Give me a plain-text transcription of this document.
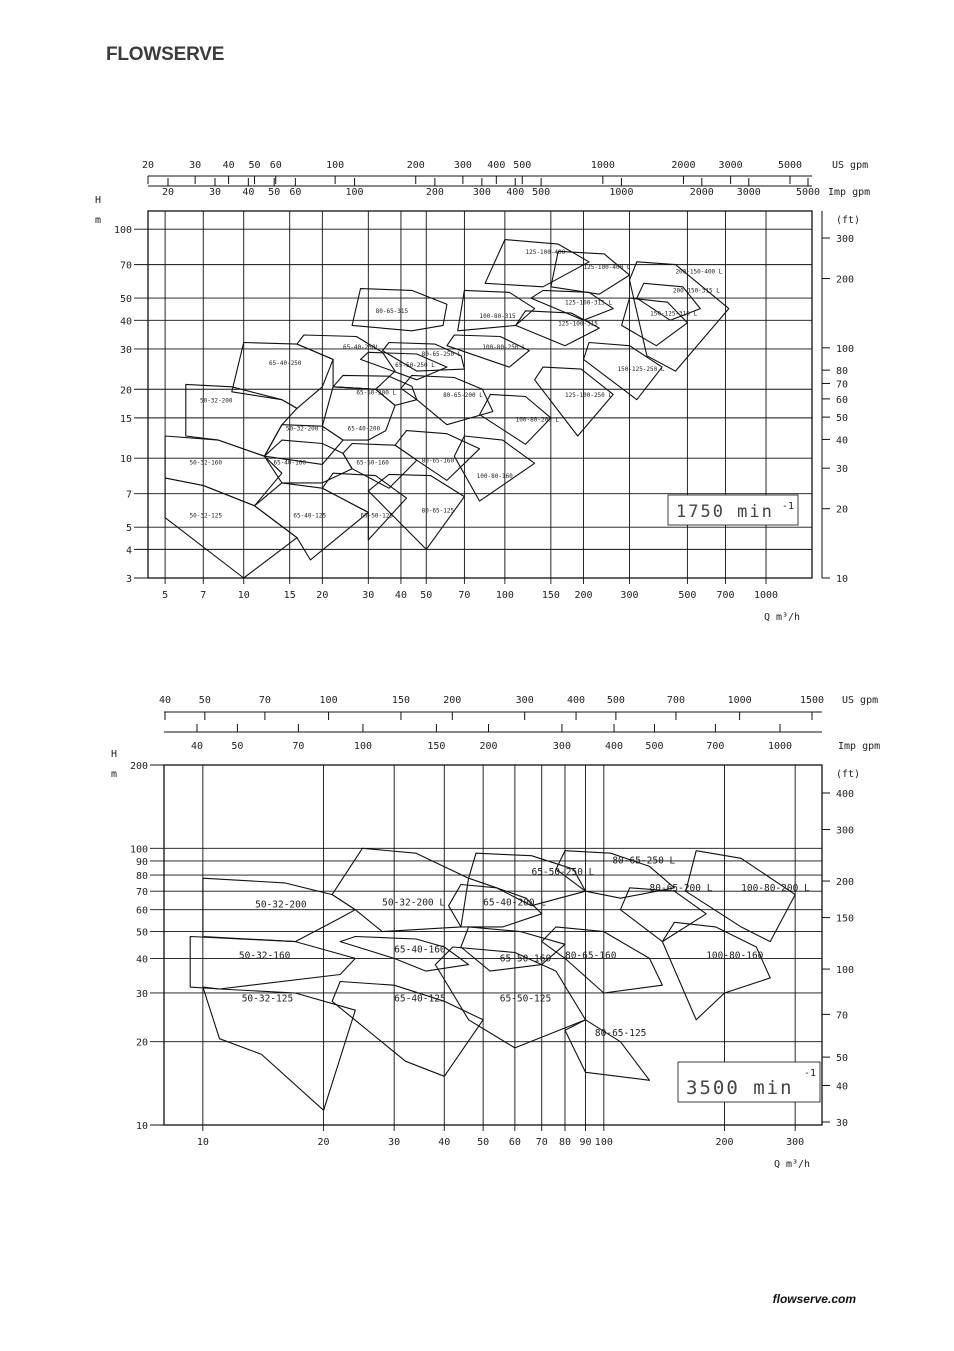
FLOWSERVE
5	7	10	15 20	30 40 50	70	100	150 200	300	500 700 1000
3
4
5
7
10
15
20
30
40
50
70
100
H
m
Q m³/h
20	30 40 50 60	100	200	300 400 500	1000	2000 3000	5000	US gpm
20	30 40 50 60	100	200	300 400 500	1000	2000 3000	5000 Imp gpm
10
20
30
40
50
60
70
80
100
200
300
(ft)
50-32-125
50-32-160
50-32-200
50-32-200 L
65-40-125
65-40-160
65-40-200
65-40-250
65-40-250L
65-50-125
65-50-160
65-50-200 L
80-65-125
80-65-160
80-65-200 L
80-65-250 L
80-65-315
65-50-250 L
100-80-160
100-80-200 L
100-80-250 L
100-80-315
125-100-250 L
125-100-315
125-100-315 L
125-100-400
125-100-400 L
150-125-250 L
150-125-315 L
200-150-315 L
200-150-400 L
1750 min -1
10	20	30	40	50 60 70 80 90 100	200	300
10
20
30
40
50
60
70
80
90
100
200
H
m
Q m³/h
40	50	70	100	150	200	300	400 500	700	1000	1500 US gpm
40	50	70	100	150	200	300	400 500	700	1000	Imp gpm
30
40
50
70
100
150
200
300
400
(ft)
50-32-125
50-32-160
50-32-200	50-32-200 L
65-40-125
65-40-160
65-40-200 L
65-50-125
65-50-160
65-50-250 L
80-65-125
80-65-160
80-65-200 L
80-65-250 L
100-80-160
100-80-200 L
3500 min
-1
flowserve.com
